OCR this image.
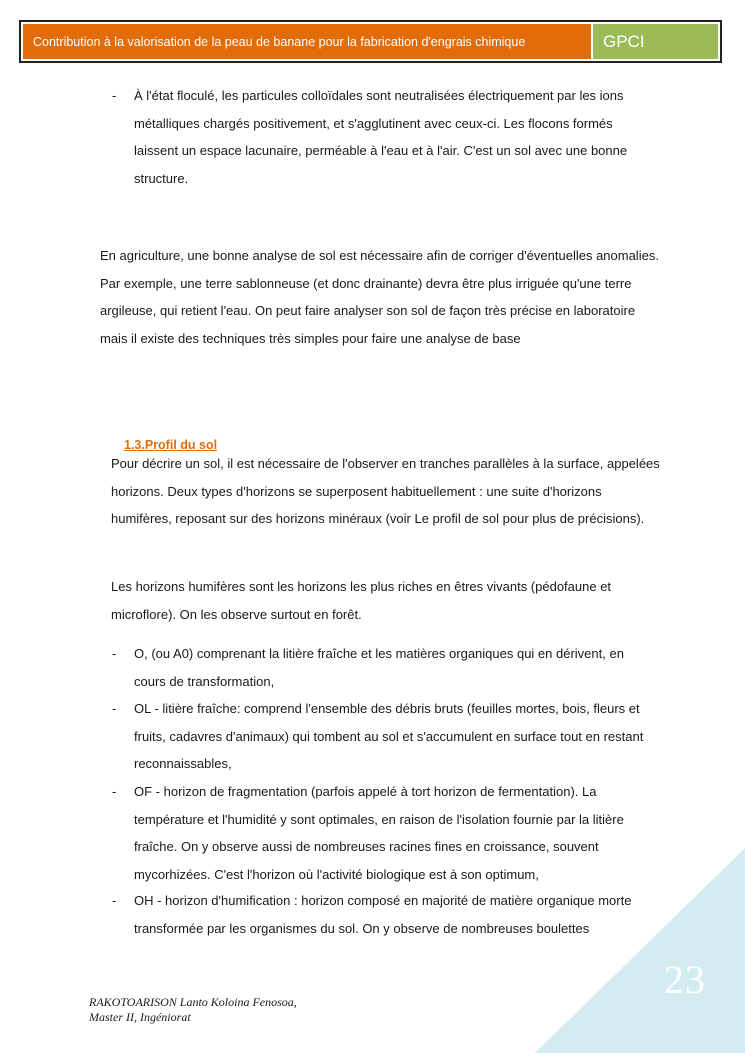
Contribution à la valorisation de la peau de banane pour la fabrication d'engrais chimique	GPCI
- À l'état floculé, les particules colloïdales sont neutralisées électriquement par les ions métalliques chargés positivement, et s'agglutinent avec ceux-ci. Les flocons formés laissent un espace lacunaire, perméable à l'eau et à l'air. C'est un sol avec une bonne structure.

En agriculture, une bonne analyse de sol est nécessaire afin de corriger d'éventuelles anomalies. Par exemple, une terre sablonneuse (et donc drainante) devra être plus irriguée qu'une terre argileuse, qui retient l'eau. On peut faire analyser son sol de façon très précise en laboratoire mais il existe des techniques très simples pour faire une analyse de base

1.3.Profil du sol

Pour décrire un sol, il est nécessaire de l'observer en tranches parallèles à la surface, appelées horizons. Deux types d'horizons se superposent habituellement : une suite d'horizons humifères, reposant sur des horizons minéraux (voir Le profil de sol pour plus de précisions).

Les horizons humifères sont les horizons les plus riches en êtres vivants (pédofaune et microflore). On les observe surtout en forêt.

- O, (ou A0) comprenant la litière fraîche et les matières organiques qui en dérivent, en cours de transformation,
- OL - litière fraîche: comprend l'ensemble des débris bruts (feuilles mortes, bois, fleurs et fruits, cadavres d'animaux) qui tombent au sol et s'accumulent en surface tout en restant reconnaissables,
- OF - horizon de fragmentation (parfois appelé à tort horizon de fermentation). La température et l'humidité y sont optimales, en raison de l'isolation fournie par la litière fraîche. On y observe aussi de nombreuses racines fines en croissance, souvent mycorhizées. C'est l'horizon où l'activité biologique est à son optimum,
- OH - horizon d'humification : horizon composé en majorité de matière organique morte transformée par les organismes du sol. On y observe de nombreuses boulettes
23
RAKOTOARISON Lanto Koloina Fenosoa,
Master II, Ingéniorat
